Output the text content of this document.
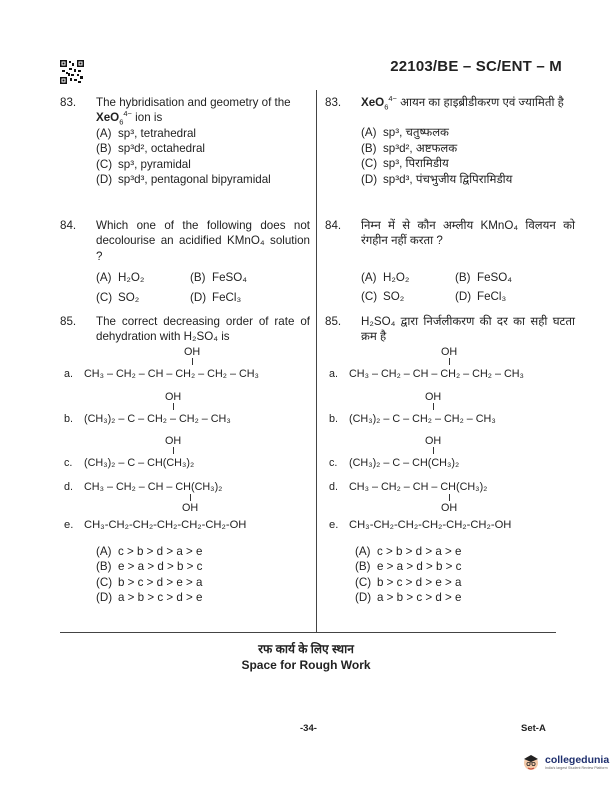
22103/BE – SC/ENT – M
83. The hybridisation and geometry of the
XeO$_6^{4-}$ ion is
(A) sp³, tetrahedral
(B) sp³d², octahedral
(C) sp³, pyramidal
(D) sp³d³, pentagonal bipyramidal
84. Which one of the following does not decolourise an acidified KMnO₄ solution ?
(A) H₂O₂	(B) FeSO₄
(C) SO₂	(D) FeCl₃
85. The correct decreasing order of rate of dehydration with H₂SO₄ is
OH
a. CH₃ – CH₂ – CH – CH₂ – CH₂ – CH₃
OH
b. (CH₃)₂ – C – CH₂ – CH₂ – CH₃
OH
c. (CH₃)₂ – C – CH(CH₃)₂
d. CH₃ – CH₂ – CH – CH(CH₃)₂
OH
e. CH₃-CH₂-CH₂-CH₂-CH₂-CH₂-OH
(A) c > b > d > a > e
(B) e > a > d > b > c
(C) b > c > d > e > a
(D) a > b > c > d > e
83. XeO$_6^{4-}$ आयन का हाइब्रीडीकरण एवं ज्यामिती है
(A) sp³, चतुष्फलक
(B) sp³d², अष्टफलक
(C) sp³, पिरामिडीय
(D) sp³d³, पंचभुजीय द्विपिरामिडीय
84. निम्न में से कौन अम्लीय KMnO₄ विलयन को रंगहीन नहीं करता ?
(A) H₂O₂	(B) FeSO₄
(C) SO₂	(D) FeCl₃
85. H₂SO₄ द्वारा निर्जलीकरण की दर का सही घटता क्रम है
OH
a. CH₃ – CH₂ – CH – CH₂ – CH₂ – CH₃
OH
b. (CH₃)₂ – C – CH₂ – CH₂ – CH₃
OH
c. (CH₃)₂ – C – CH(CH₃)₂
d. CH₃ – CH₂ – CH – CH(CH₃)₂
OH
e. CH₃-CH₂-CH₂-CH₂-CH₂-CH₂-OH
(A) c > b > d > a > e
(B) e > a > d > b > c
(C) b > c > d > e > a
(D) a > b > c > d > e
रफ कार्य के लिए स्थान
Space for Rough Work
-34-	Set-A
collegedunia
India's largest Student Review Platform
